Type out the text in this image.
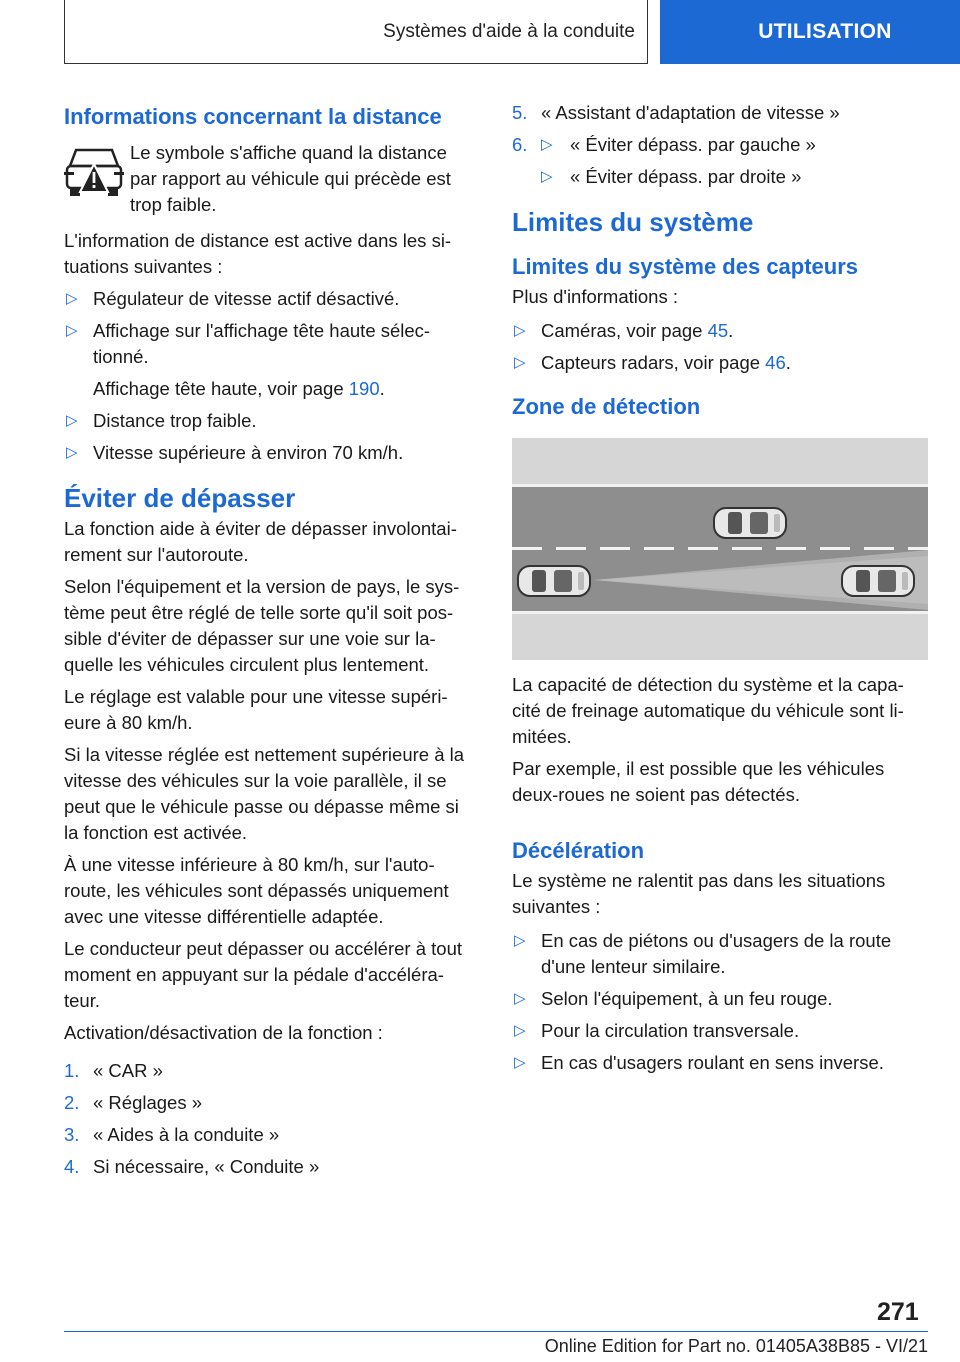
Systèmes d'aide à la conduite	UTILISATION
Informations concernant la distance
Le symbole s'affiche quand la distance par rapport au véhicule qui précède est trop faible.

L'information de distance est active dans les si-tuations suivantes :

▷ Régulateur de vitesse actif désactivé.
▷ Affichage sur l'affichage tête haute sélec-tionné.
Affichage tête haute, voir page 190.
▷ Distance trop faible.
▷ Vitesse supérieure à environ 70 km/h.
Éviter de dépasser

La fonction aide à éviter de dépasser involontai-rement sur l'autoroute.

Selon l'équipement et la version de pays, le sys-tème peut être réglé de telle sorte qu'il soit pos-sible d'éviter de dépasser sur une voie sur la-quelle les véhicules circulent plus lentement.

Le réglage est valable pour une vitesse supéri-eure à 80 km/h.

Si la vitesse réglée est nettement supérieure à la vitesse des véhicules sur la voie parallèle, il se peut que le véhicule passe ou dépasse même si la fonction est activée.

À une vitesse inférieure à 80 km/h, sur l'auto-route, les véhicules sont dépassés uniquement avec une vitesse différentielle adaptée.

Le conducteur peut dépasser ou accélérer à tout moment en appuyant sur la pédale d'accéléra-teur.

Activation/désactivation de la fonction :

1. « CAR »
2. « Réglages »
3. « Aides à la conduite »
4. Si nécessaire, « Conduite »
5. « Assistant d'adaptation de vitesse »
6. ▷ « Éviter dépass. par gauche »
▷ « Éviter dépass. par droite »
Limites du système
Limites du système des capteurs

Plus d'informations :

▷ Caméras, voir page 45.
▷ Capteurs radars, voir page 46.
Zone de détection

La capacité de détection du système et la capa-cité de freinage automatique du véhicule sont li-mitées.

Par exemple, il est possible que les véhicules deux-roues ne soient pas détectés.

Décélération

Le système ne ralentit pas dans les situations suivantes :

▷ En cas de piétons ou d'usagers de la route d'une lenteur similaire.
▷ Selon l'équipement, à un feu rouge.
▷ Pour la circulation transversale.
▷ En cas d'usagers roulant en sens inverse.
271
Online Edition for Part no. 01405A38B85 - VI/21
